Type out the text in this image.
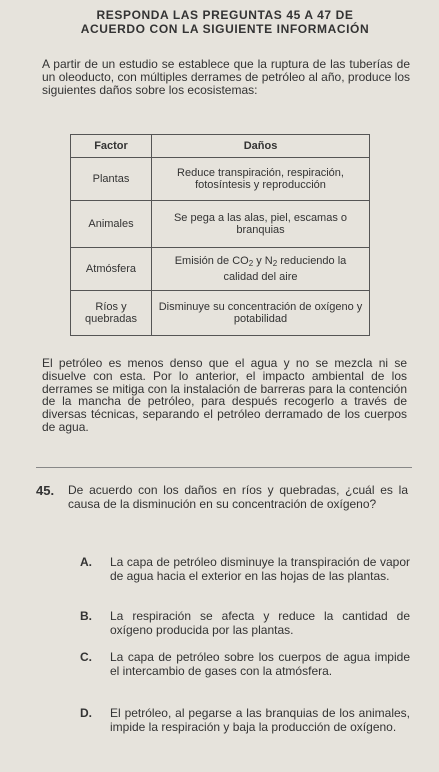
RESPONDA LAS PREGUNTAS 45 A 47 DE
ACUERDO CON LA SIGUIENTE INFORMACIÓN
A partir de un estudio se establece que la ruptura de las tuberías de un oleoducto, con múltiples derrames de petróleo al año, produce los siguientes daños sobre los ecosistemas:
Factor	Daños
Plantas	Reduce transpiración, respiración, fotosíntesis y reproducción
Animales	Se pega a las alas, piel, escamas o branquias
Atmósfera	Emisión de $CO_2$ y $N_2$ reduciendo la calidad del aire
Ríos y quebradas	Disminuye su concentración de oxígeno y potabilidad
El petróleo es menos denso que el agua y no se mezcla ni se disuelve con esta. Por lo anterior, el impacto ambiental de los derrames se mitiga con la instalación de barreras para la contención de la mancha de petróleo, para después recogerlo a través de diversas técnicas, separando el petróleo derramado de los cuerpos de agua.
45. De acuerdo con los daños en ríos y quebradas, ¿cuál es la causa de la disminución en su concentración de oxígeno?
A. La capa de petróleo disminuye la transpiración de vapor de agua hacia el exterior en las hojas de las plantas.
B. La respiración se afecta y reduce la cantidad de oxígeno producida por las plantas.
C. La capa de petróleo sobre los cuerpos de agua impide el intercambio de gases con la atmósfera.
D. El petróleo, al pegarse a las branquias de los animales, impide la respiración y baja la producción de oxígeno.
